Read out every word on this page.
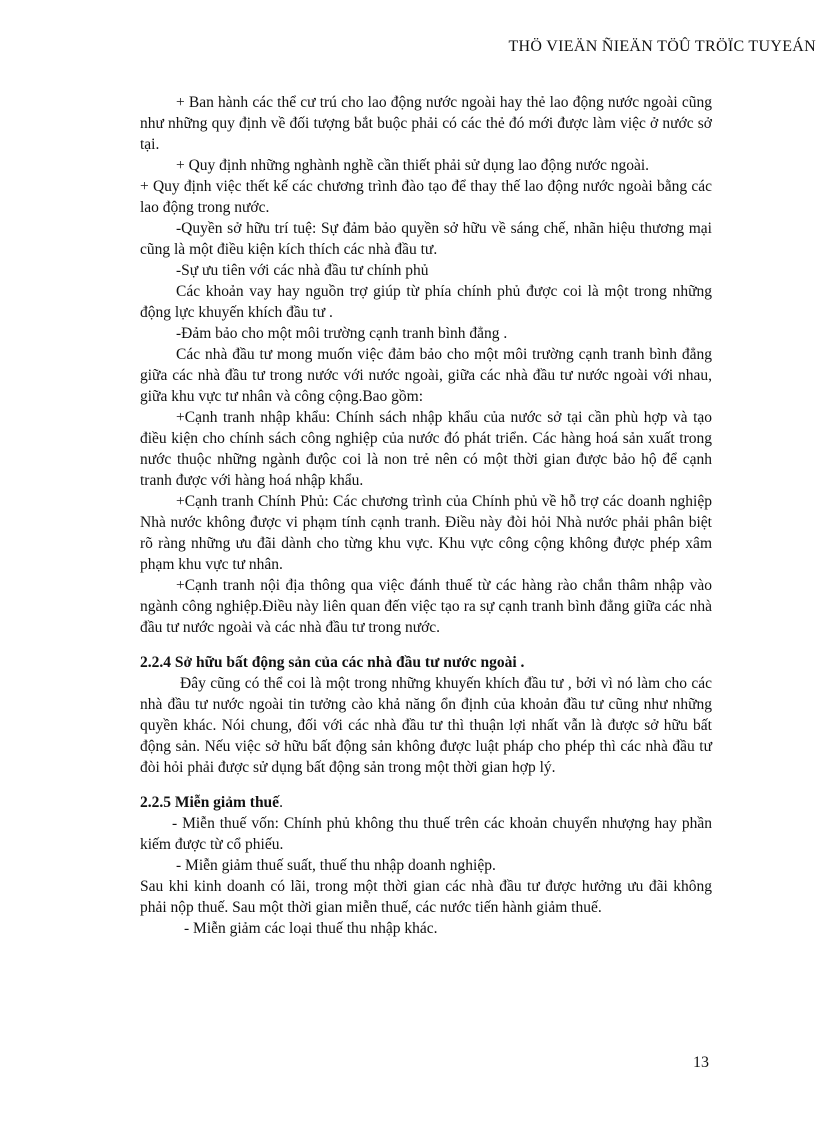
THÖ VIEÄN ÑIEÄN TÖÛ TRÖÏC TUYEÁN

+ Ban hành các thể cư trú cho lao động nước ngoài hay thẻ lao động nước ngoài cũng như những quy định về đối tượng bắt buộc phải có các thẻ đó mới được làm việc ở nước sở tại.

+ Quy định những nghành nghề cần thiết phải sử dụng lao động nước ngoài.

+ Quy định việc thết kế các chương trình đào tạo để thay thế lao động nước ngoài bằng các lao động trong nước.

-Quyền sở hữu trí tuệ: Sự đảm bảo quyền sở hữu về sáng chế, nhãn hiệu thương mại cũng là một điều kiện kích thích các nhà đầu tư.

-Sự ưu tiên với các nhà đầu tư chính phủ

Các khoản vay hay nguồn trợ giúp từ phía chính phủ được coi là một trong những động lực khuyến khích đầu tư .

-Đảm bảo cho một môi trường cạnh tranh bình đẳng .

Các nhà đầu tư mong muốn việc đảm bảo cho một môi trường cạnh tranh bình đẳng giữa các nhà đầu tư trong nước với nước ngoài, giữa các nhà đầu tư nước ngoài với nhau, giữa khu vực tư nhân và công cộng.Bao gồm:

+Cạnh tranh nhập khẩu: Chính sách nhập khẩu của nước sở tại cần phù hợp và tạo điều kiện cho chính sách công nghiệp của nước đó phát triển. Các hàng hoá sản xuất trong nước thuộc những ngành đưộc coi là non trẻ nên có một thời gian được bảo hộ để cạnh tranh được với hàng hoá nhập khẩu.

+Cạnh tranh Chính Phủ: Các chương trình của Chính phủ về hỗ trợ các doanh nghiệp Nhà nước không được vi phạm tính cạnh tranh. Điều này đòi hỏi Nhà nước phải phân biệt rõ ràng những ưu đãi dành cho từng khu vực. Khu vực công cộng không được phép xâm phạm khu vực tư nhân.

+Cạnh tranh nội địa thông qua việc đánh thuế từ các hàng rào chắn thâm nhập vào ngành công nghiệp.Điều này liên quan đến việc tạo ra sự cạnh tranh bình đẳng giữa các nhà đầu tư nước ngoài và các nhà đầu tư trong nước.

2.2.4 Sở hữu bất động sản của các nhà đầu tư nước ngoài .

Đây cũng có thể coi là một trong những khuyến khích đầu tư , bởi vì nó làm cho các nhà đầu tư nước ngoài tin tưởng cào khả năng ổn định của khoản đầu tư cũng như những quyền khác. Nói chung, đối với các nhà đầu tư thì thuận lợi nhất vẫn là được sở hữu bất động sản. Nếu việc sở hữu bất động sản không được luật pháp cho phép thì các nhà đầu tư đòi hỏi phải được sử dụng bất động sản trong một thời gian hợp lý.

2.2.5 Miễn giảm thuế.

- Miễn thuế vốn: Chính phủ không thu thuế trên các khoản chuyển nhượng hay phần kiếm được từ cổ phiếu.

- Miễn giảm thuế suất, thuế thu nhập doanh nghiệp.

Sau khi kinh doanh có lãi, trong một thời gian các nhà đầu tư được hưởng ưu đãi không phải nộp thuế. Sau một thời gian miễn thuế, các nước tiến hành giảm thuế.

- Miễn giảm các loại thuế thu nhập khác.

13
